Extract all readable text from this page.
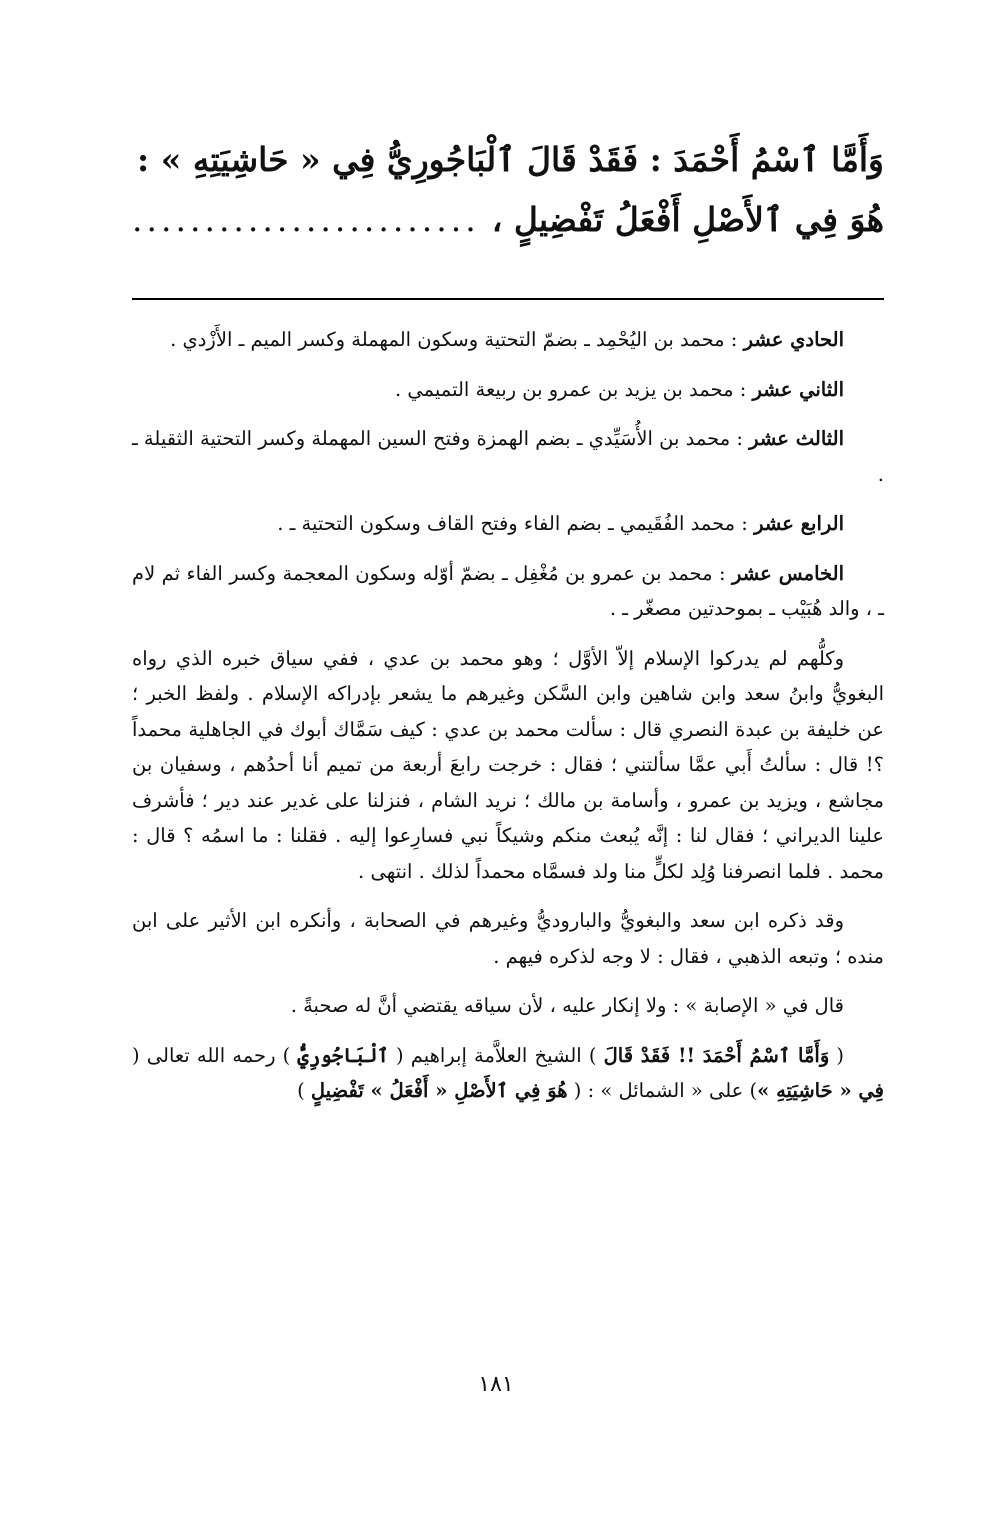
وَأَمَّا ٱسْمُ أَحْمَدَ : فَقَدْ قَالَ ٱلْبَاجُورِيُّ فِي « حَاشِيَتِهِ » :
هُوَ فِي ٱلأَصْلِ أَفْعَلُ تَفْضِيلٍ ،
........................

الحادي عشر : محمد بن اليُحْمِد ـ بضمّ التحتية وسكون المهملة وكسر الميم ـ الأَزْدي .

الثاني عشر : محمد بن يزيد بن عمرو بن ربيعة التميمي .

الثالث عشر : محمد بن الأُسَيِّدي ـ بضم الهمزة وفتح السين المهملة وكسر التحتية الثقيلة ـ .

الرابع عشر : محمد الفُقَيمي ـ بضم الفاء وفتح القاف وسكون التحتية ـ .

الخامس عشر : محمد بن عمرو بن مُغْفِل ـ بضمّ أوّله وسكون المعجمة وكسر الفاء ثم لام ـ ، والد هُبَيْب ـ بموحدتين مصغّر ـ .

وكلُّهم لم يدركوا الإسلام إلاّ الأوَّل ؛ وهو محمد بن عدي ، ففي سياق خبره الذي رواه البغويُّ وابنُ سعد وابن شاهين وابن السَّكن وغيرهم ما يشعر بإدراكه الإسلام . ولفظ الخبر ؛ عن خليفة بن عبدة النصري قال : سألت محمد بن عدي : كيف سَمَّاك أبوك في الجاهلية محمداً ؟! قال : سألتُ أَبي عمَّا سألتني ؛ فقال : خرجت رابعَ أربعة من تميم أنا أحدُهم ، وسفيان بن مجاشع ، ويزيد بن عمرو ، وأسامة بن مالك ؛ نريد الشام ، فنزلنا على غدير عند دير ؛ فأشرف علينا الديراني ؛ فقال لنا : إنَّه يُبعث منكم وشيكاً نبي فسارِعوا إليه . فقلنا : ما اسمُه ؟ قال : محمد . فلما انصرفنا وُلِد لكلٍّ منا ولد فسمَّاه محمداً لذلك . انتهى .

وقد ذكره ابن سعد والبغويُّ والباروديُّ وغيرهم في الصحابة ، وأنكره ابن الأثير على ابن منده ؛ وتبعه الذهبي ، فقال : لا وجه لذكره فيهم .

قال في « الإصابة » : ولا إنكار عليه ، لأن سياقه يقتضي أنَّ له صحبةً .

( وَأَمَّا ٱسْمُ أَحْمَدَ !! فَقَدْ قَالَ ) الشيخ العلاَّمة إبراهيم ( ٱلْبَاجُورِيُّ ) رحمه الله تعالى ( فِي « حَاشِيَتِهِ ») على « الشمائل » : ( هُوَ فِي ٱلأَصْلِ « أَفْعَلُ » تَفْضِيلٍ )

١٨١
